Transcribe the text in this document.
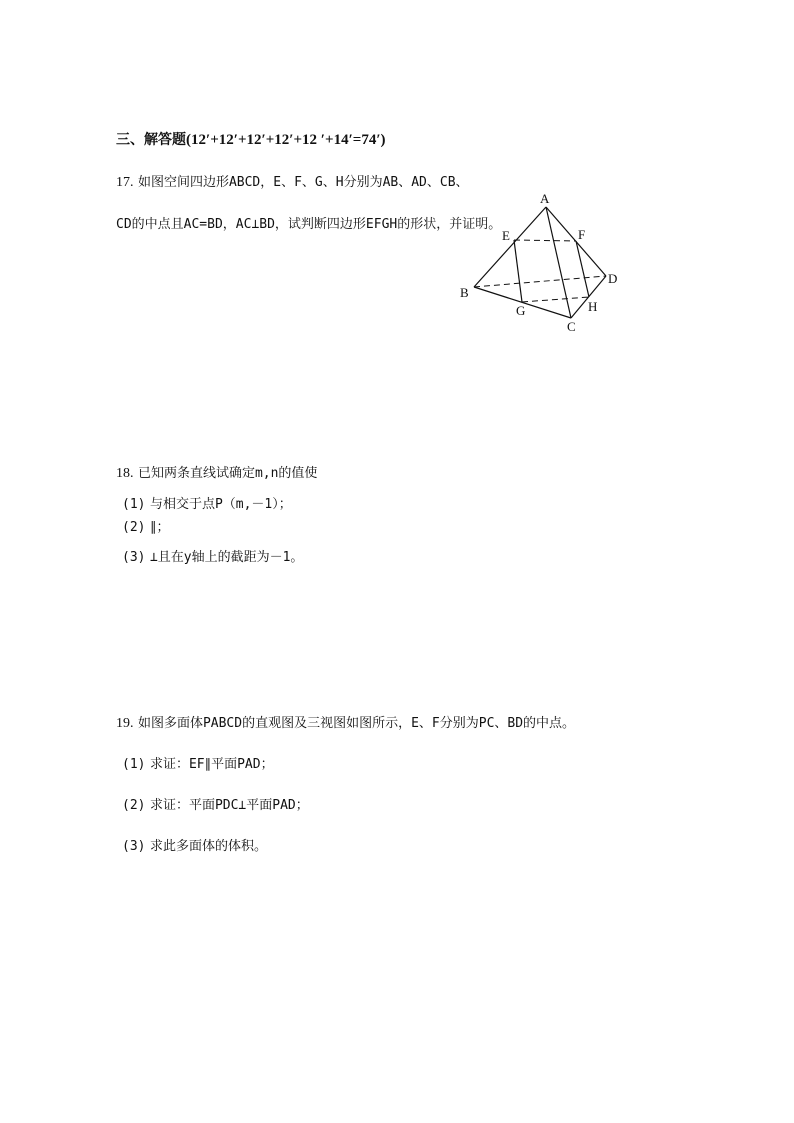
三、解答题(12′+12′+12′+12′+12 ′+14′=74′)
17. 如图空间四边形ABCD，E、F、G、H分别为AB、AD、CB、
CD的中点且AC=BD，AC⊥BD，试判断四边形EFGH的形状，并证明。
A
E	F
D
B
G	H
C
18. 已知两条直线试确定m,n的值使
(1) 与相交于点P（m,－1）；
(2) ∥；
(3) ⊥且在y轴上的截距为－1。
19. 如图多面体PABCD的直观图及三视图如图所示，E、F分别为PC、BD的中点。
(1) 求证：EF∥平面PAD；
(2) 求证：平面PDC⊥平面PAD；
(3) 求此多面体的体积。
